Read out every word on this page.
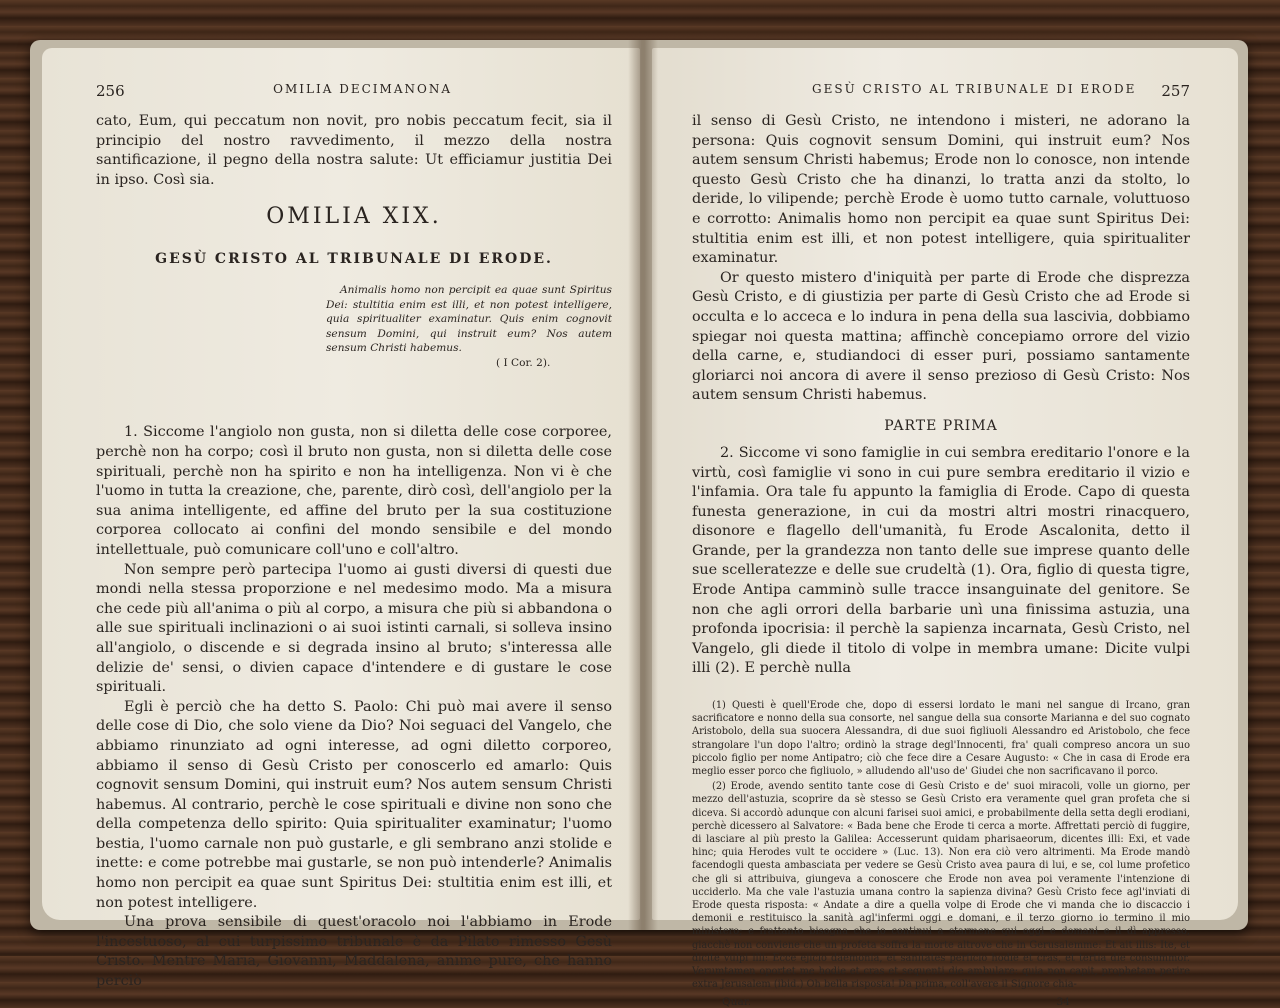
256	OMILIA DECIMANONA

cato, Eum, qui peccatum non novit, pro nobis peccatum fecit, sia il principio del nostro ravvedimento, il mezzo della nostra santificazione, il pegno della nostra salute: Ut efficiamur justitia Dei in ipso. Così sia.

OMILIA XIX.
GESÙ CRISTO AL TRIBUNALE DI ERODE.

Animalis homo non percipit ea quae sunt Spiritus Dei: stultitia enim est illi, et non potest intelligere, quia spiritualiter examinatur. Quis enim cognovit sensum Domini, qui instruit eum? Nos autem sensum Christi habemus.

( I Cor. 2).

1. Siccome l'angiolo non gusta, non si diletta delle cose corporee, perchè non ha corpo; così il bruto non gusta, non si diletta delle cose spirituali, perchè non ha spirito e non ha intelligenza. Non vi è che l'uomo in tutta la creazione, che, parente, dirò così, dell'angiolo per la sua anima intelligente, ed affine del bruto per la sua costituzione corporea collocato ai confini del mondo sensibile e del mondo intellettuale, può comunicare coll'uno e coll'altro.

Non sempre però partecipa l'uomo ai gusti diversi di questi due mondi nella stessa proporzione e nel medesimo modo. Ma a misura che cede più all'anima o più al corpo, a misura che più si abbandona o alle sue spirituali inclinazioni o ai suoi istinti carnali, si solleva insino all'angiolo, o discende e si degrada insino al bruto; s'interessa alle delizie de' sensi, o divien capace d'intendere e di gustare le cose spirituali.

Egli è perciò che ha detto S. Paolo: Chi può mai avere il senso delle cose di Dio, che solo viene da Dio? Noi seguaci del Vangelo, che abbiamo rinunziato ad ogni interesse, ad ogni diletto corporeo, abbiamo il senso di Gesù Cristo per conoscerlo ed amarlo: Quis cognovit sensum Domini, qui instruit eum? Nos autem sensum Christi habemus. Al contrario, perchè le cose spirituali e divine non sono che della competenza dello spirito: Quia spiritualiter examinatur; l'uomo bestia, l'uomo carnale non può gustarle, e gli sembrano anzi stolide e inette: e come potrebbe mai gustarle, se non può intenderle? Animalis homo non percipit ea quae sunt Spiritus Dei: stultitia enim est illi, et non potest intelligere.

Una prova sensibile di quest'oracolo noi l'abbiamo in Erode l'incestuoso, al cui turpissimo tribunale è da Pilato rimesso Gesù Cristo. Mentre Maria, Giovanni, Maddalena, anime pure, che hanno perciò

GESÙ CRISTO AL TRIBUNALE DI ERODE 257

il senso di Gesù Cristo, ne intendono i misteri, ne adorano la persona: Quis cognovit sensum Domini, qui instruit eum? Nos autem sensum Christi habemus; Erode non lo conosce, non intende questo Gesù Cristo che ha dinanzi, lo tratta anzi da stolto, lo deride, lo vilipende; perchè Erode è uomo tutto carnale, voluttuoso e corrotto: Animalis homo non percipit ea quae sunt Spiritus Dei: stultitia enim est illi, et non potest intelligere, quia spiritualiter examinatur.

Or questo mistero d'iniquità per parte di Erode che disprezza Gesù Cristo, e di giustizia per parte di Gesù Cristo che ad Erode si occulta e lo acceca e lo indura in pena della sua lascivia, dobbiamo spiegar noi questa mattina; affinchè concepiamo orrore del vizio della carne, e, studiandoci di esser puri, possiamo santamente gloriarci noi ancora di avere il senso prezioso di Gesù Cristo: Nos autem sensum Christi habemus.

PARTE PRIMA

2. Siccome vi sono famiglie in cui sembra ereditario l'onore e la virtù, così famiglie vi sono in cui pure sembra ereditario il vizio e l'infamia. Ora tale fu appunto la famiglia di Erode. Capo di questa funesta generazione, in cui da mostri altri mostri rinacquero, disonore e flagello dell'umanità, fu Erode Ascalonita, detto il Grande, per la grandezza non tanto delle sue imprese quanto delle sue scelleratezze e delle sue crudeltà (1). Ora, figlio di questa tigre, Erode Antipa camminò sulle tracce insanguinate del genitore. Se non che agli orrori della barbarie unì una finissima astuzia, una profonda ipocrisia: il perchè la sapienza incarnata, Gesù Cristo, nel Vangelo, gli diede il titolo di volpe in membra umane: Dicite vulpi illi (2). E perchè nulla

(1) Questi è quell'Erode che, dopo di essersi lordato le mani nel sangue di Ircano, gran sacrificatore e nonno della sua consorte, nel sangue della sua consorte Marianna e del suo cognato Aristobolo, della sua suocera Alessandra, di due suoi figliuoli Alessandro ed Aristobolo, che fece strangolare l'un dopo l'altro; ordinò la strage degl'Innocenti, fra' quali compreso ancora un suo piccolo figlio per nome Antipatro; ciò che fece dire a Cesare Augusto: « Che in casa di Erode era meglio esser porco che figliuolo, » alludendo all'uso de' Giudei che non sacrificavano il porco.

(2) Erode, avendo sentito tante cose di Gesù Cristo e de' suoi miracoli, volle un giorno, per mezzo dell'astuzia, scoprire da sè stesso se Gesù Cristo era veramente quel gran profeta che si diceva. Si accordò adunque con alcuni farisei suoi amici, e probabilmente della setta degli erodiani, perchè dicessero al Salvatore: « Bada bene che Erode ti cerca a morte. Affrettati perciò di fuggire, di lasciare al più presto la Galilea: Accesserunt quidam pharisaeorum, dicentes illi: Exi, et vade hinc; quia Herodes vult te occidere » (Luc. 13). Non era ciò vero altrimenti. Ma Erode mandò facendogli questa ambasciata per vedere se Gesù Cristo avea paura di lui, e se, col lume profetico che gli si attribuiva, giungeva a conoscere che Erode non avea poi veramente l'intenzione di ucciderlo. Ma che vale l'astuzia umana contro la sapienza divina? Gesù Cristo fece agl'inviati di Erode questa risposta: « Andate a dire a quella volpe di Erode che vi manda che io discaccio i demonii e restituisco la sanità agl'infermi oggi e domani, e il terzo giorno io termino il mio ministero; e frattanto bisogna che io continui a starmene qui oggi e domani e il dì appresso, giacchè non conviene che un profeta soffra la morte altrove che in Gerusalemme: Et ait illis: Ite, et dicite vulpi illi: Ecce ejicio daemonia, et sanitates perficio hodie et cras, et tertia die consummor. Verumtamen oportet me hodie et cras et sequenti die ambulare: quia non capit, prophetam perire extra Jerusalem (ibid.) Oh bella risposta! Da prima, coll'avere il Signore chia-

Quar.	34
